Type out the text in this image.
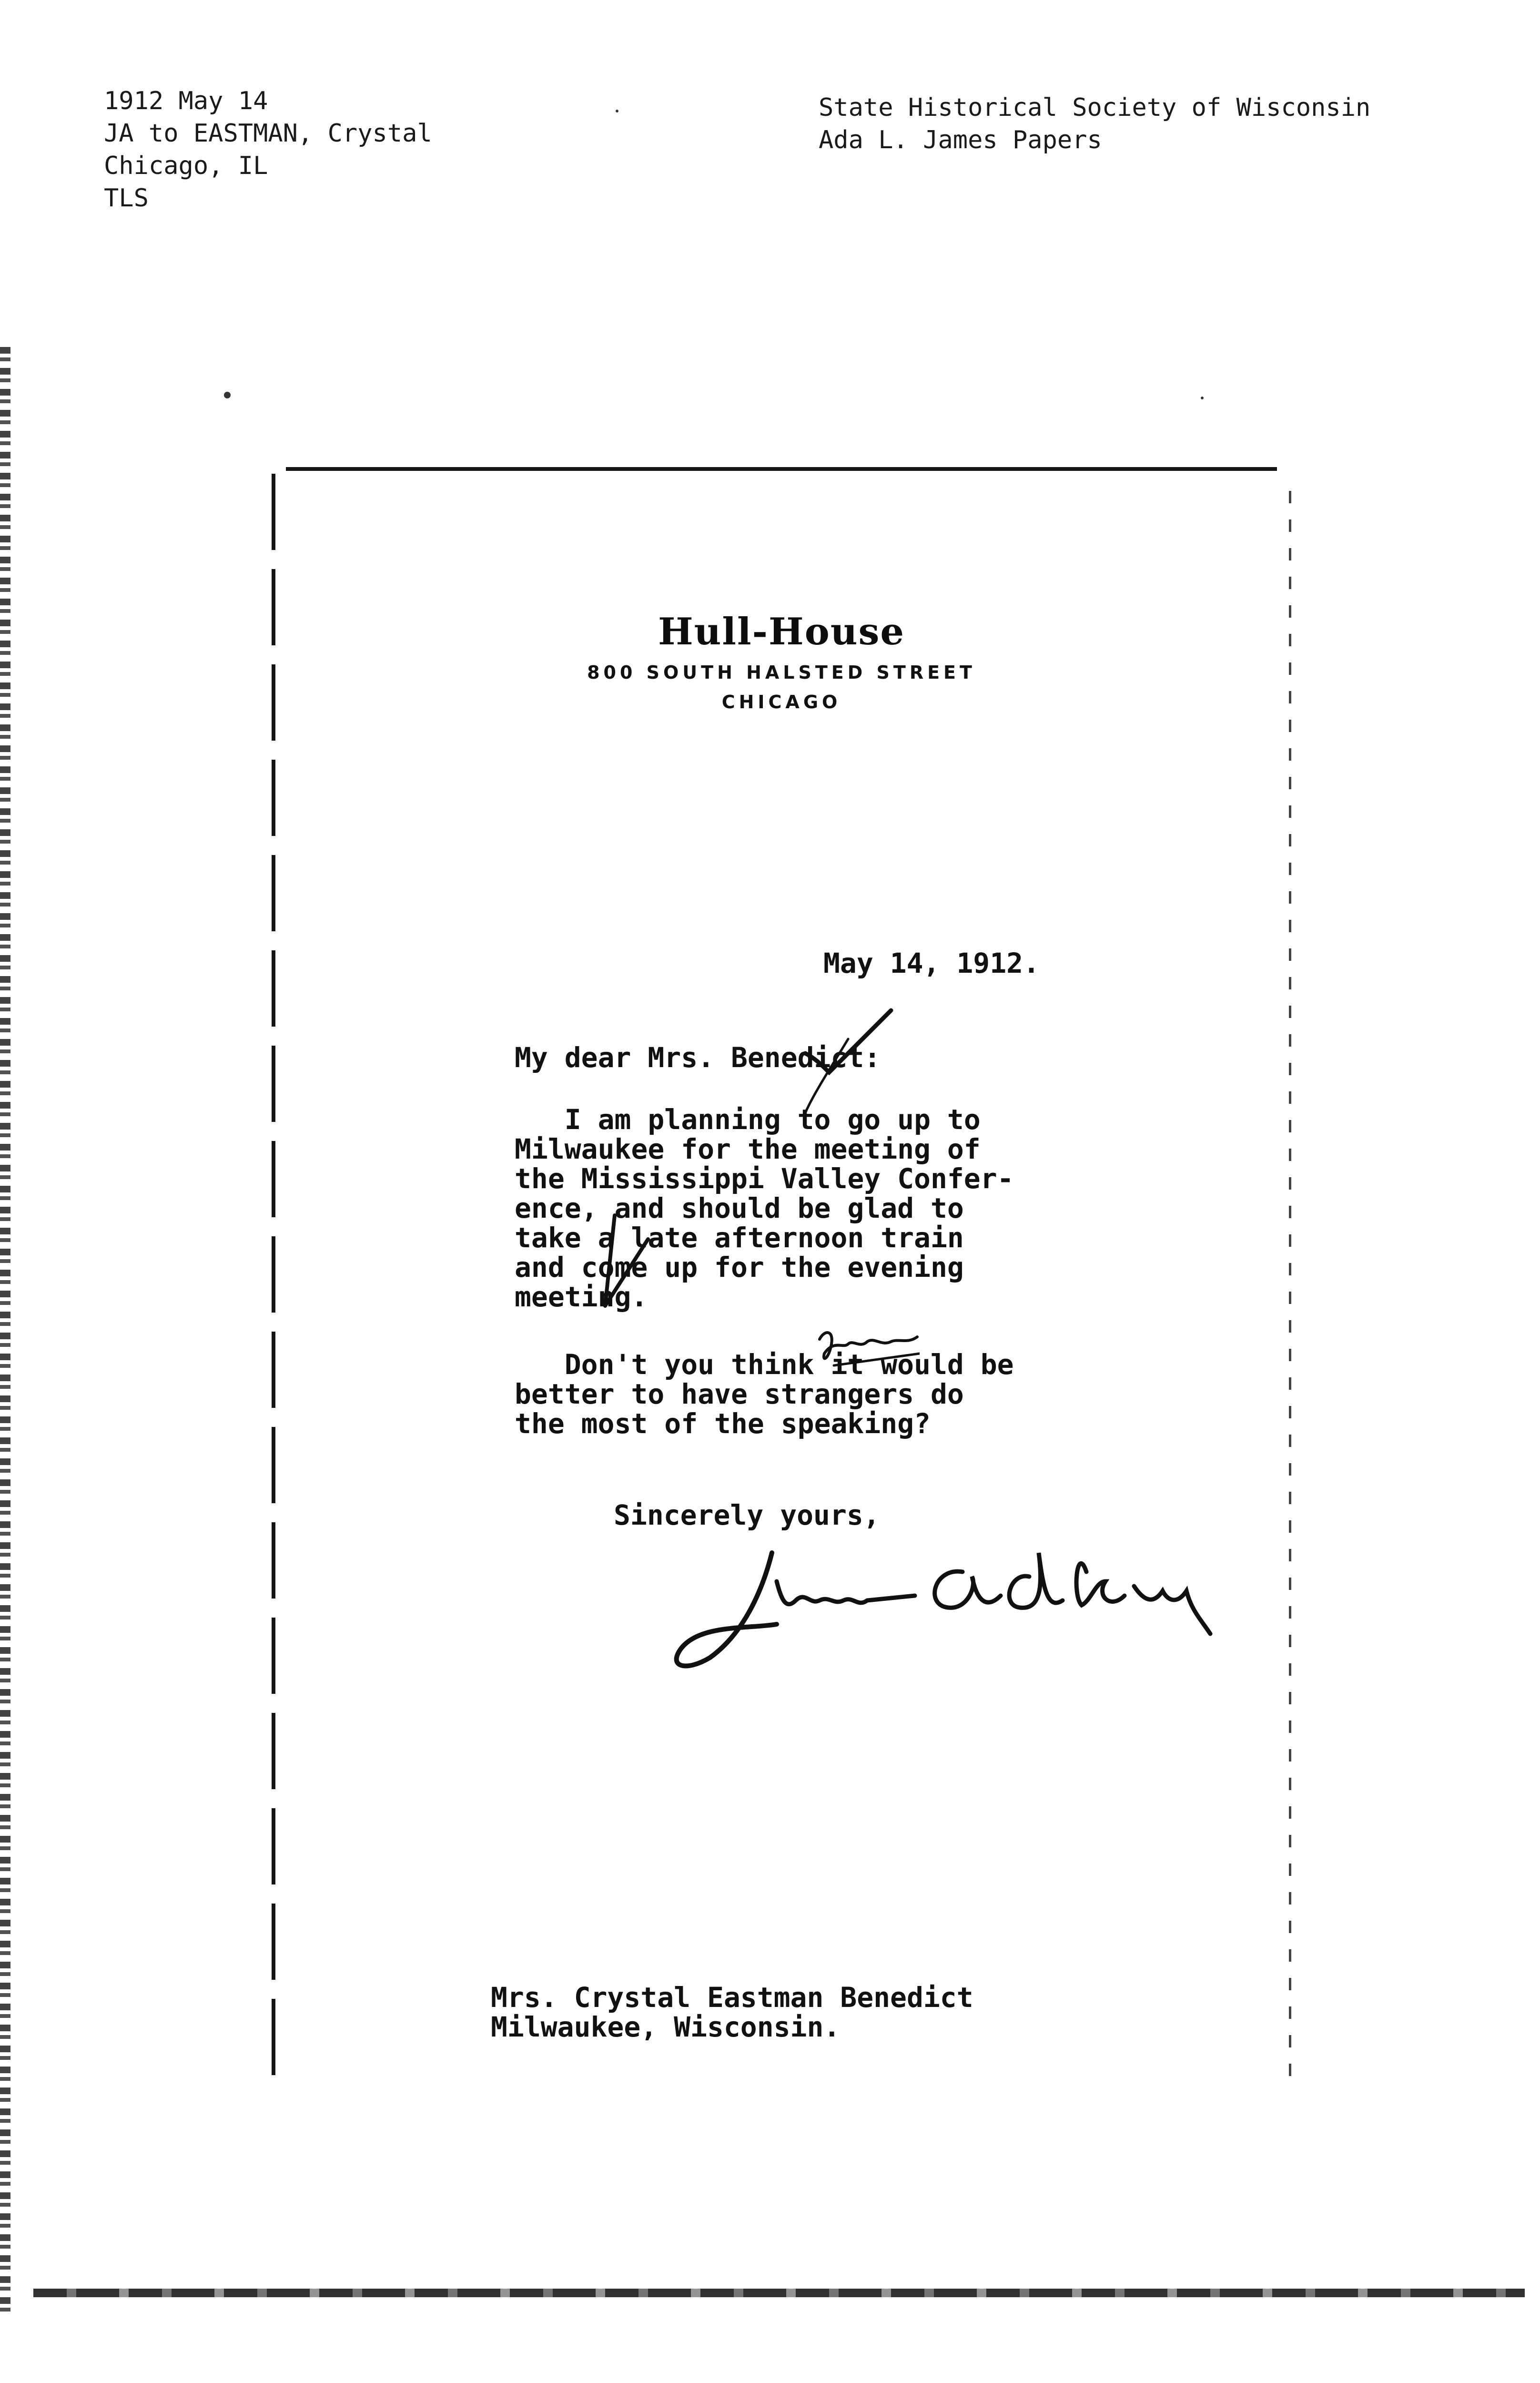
1912 May 14
JA to EASTMAN, Crystal
Chicago, IL
TLS
State Historical Society of Wisconsin
Ada L. James Papers
Hull-House
800 SOUTH HALSTED STREET
CHICAGO
May 14, 1912.
My dear Mrs. Benedict:
I am planning to go up to
Milwaukee for the meeting of
the Mississippi Valley Confer-
ence, and should be glad to
take a late afternoon train
and come up for the evening
meeting.
Don't you think it would be
better to have strangers do
the most of the speaking?
Sincerely yours,
Mrs. Crystal Eastman Benedict
Milwaukee, Wisconsin.
